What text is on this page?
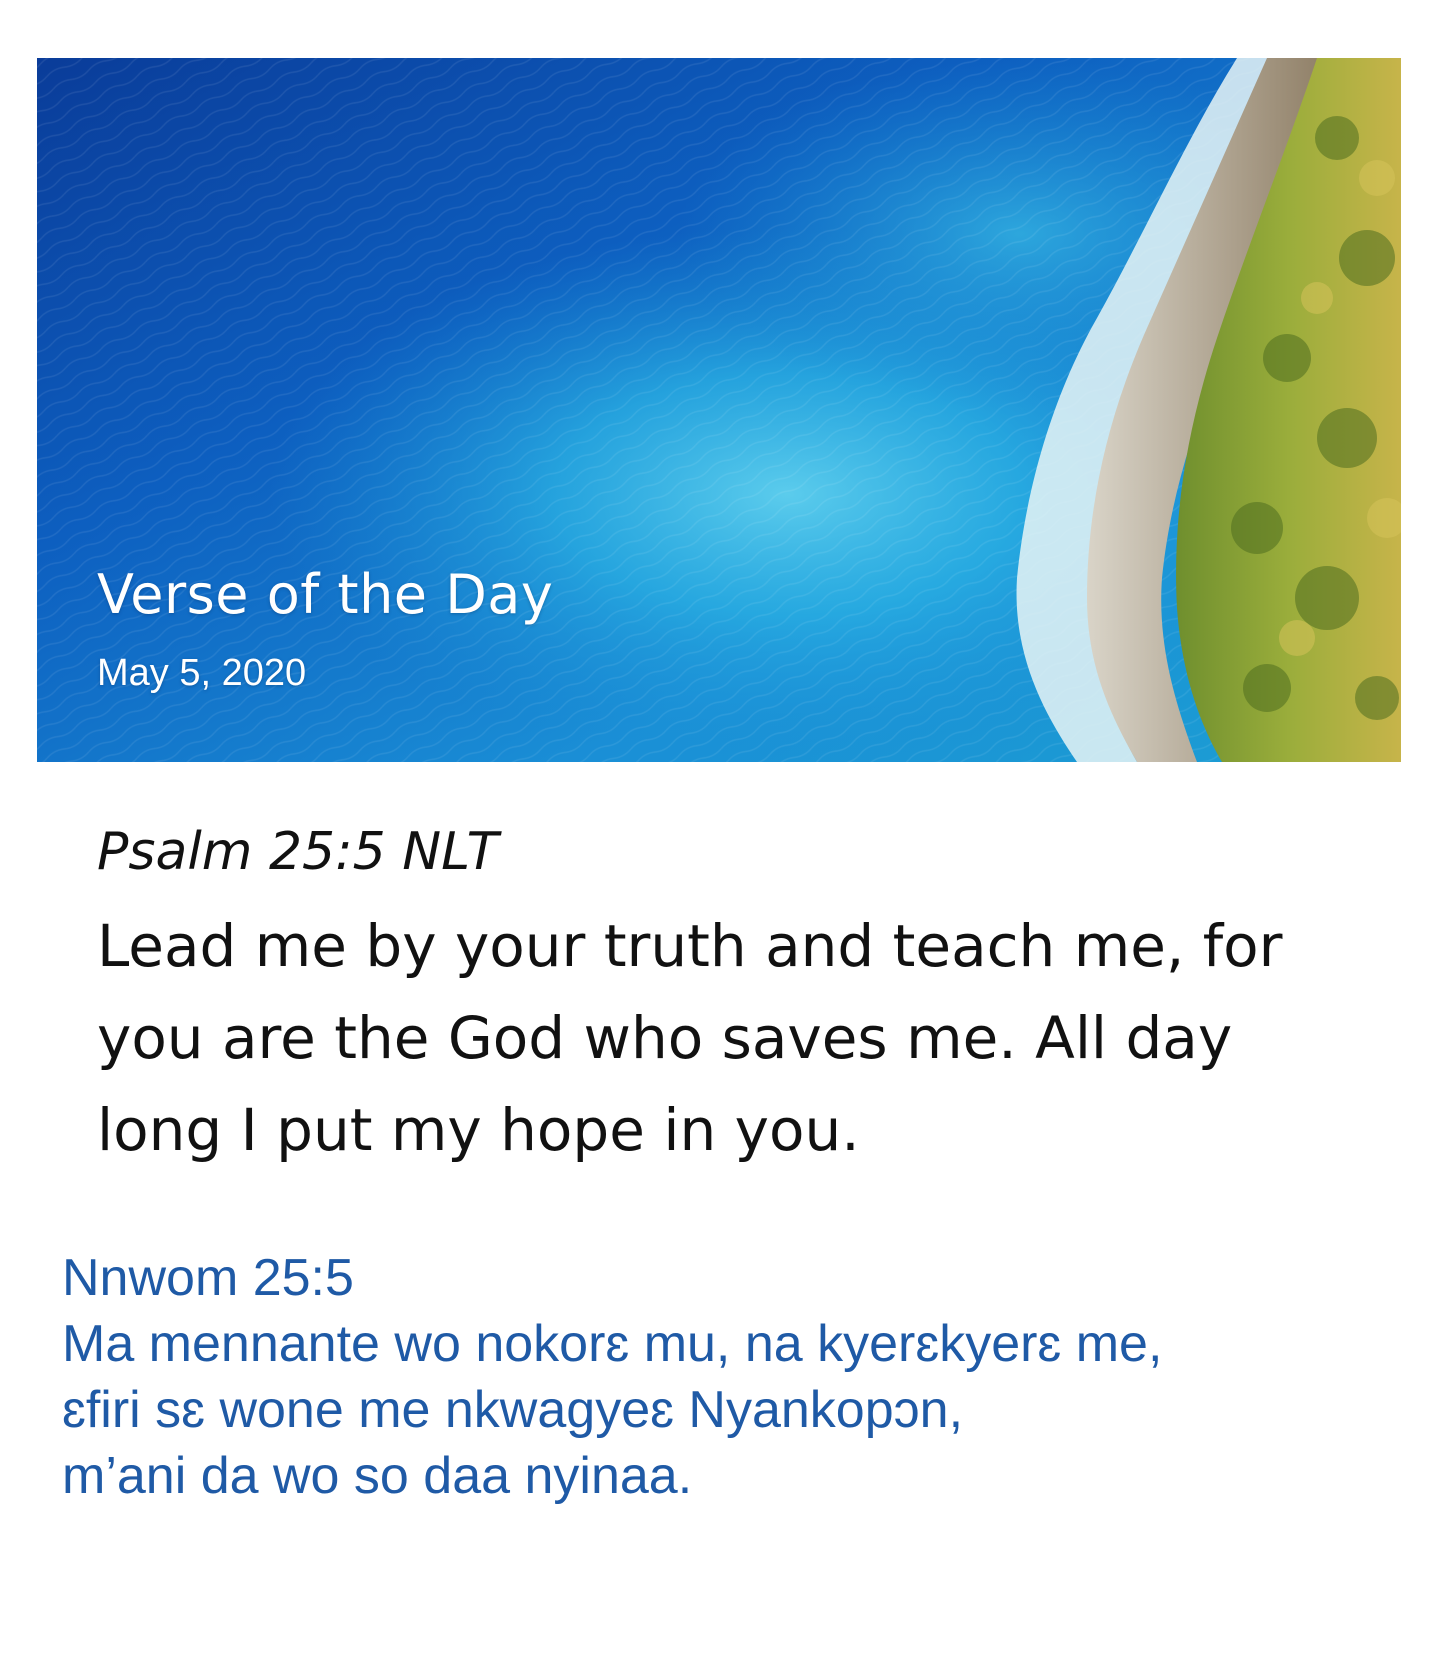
Verse of the Day

May 5, 2020

Psalm 25:5 NLT

Lead me by your truth and teach me, for you are the God who saves me. All day long I put my hope in you.

Nnwom 25:5
Ma mennante wo nokorɛ mu, na kyerɛkyerɛ me,
ɛfiri sɛ wone me nkwagyeɛ Nyankopɔn,
m’ani da wo so daa nyinaa.
